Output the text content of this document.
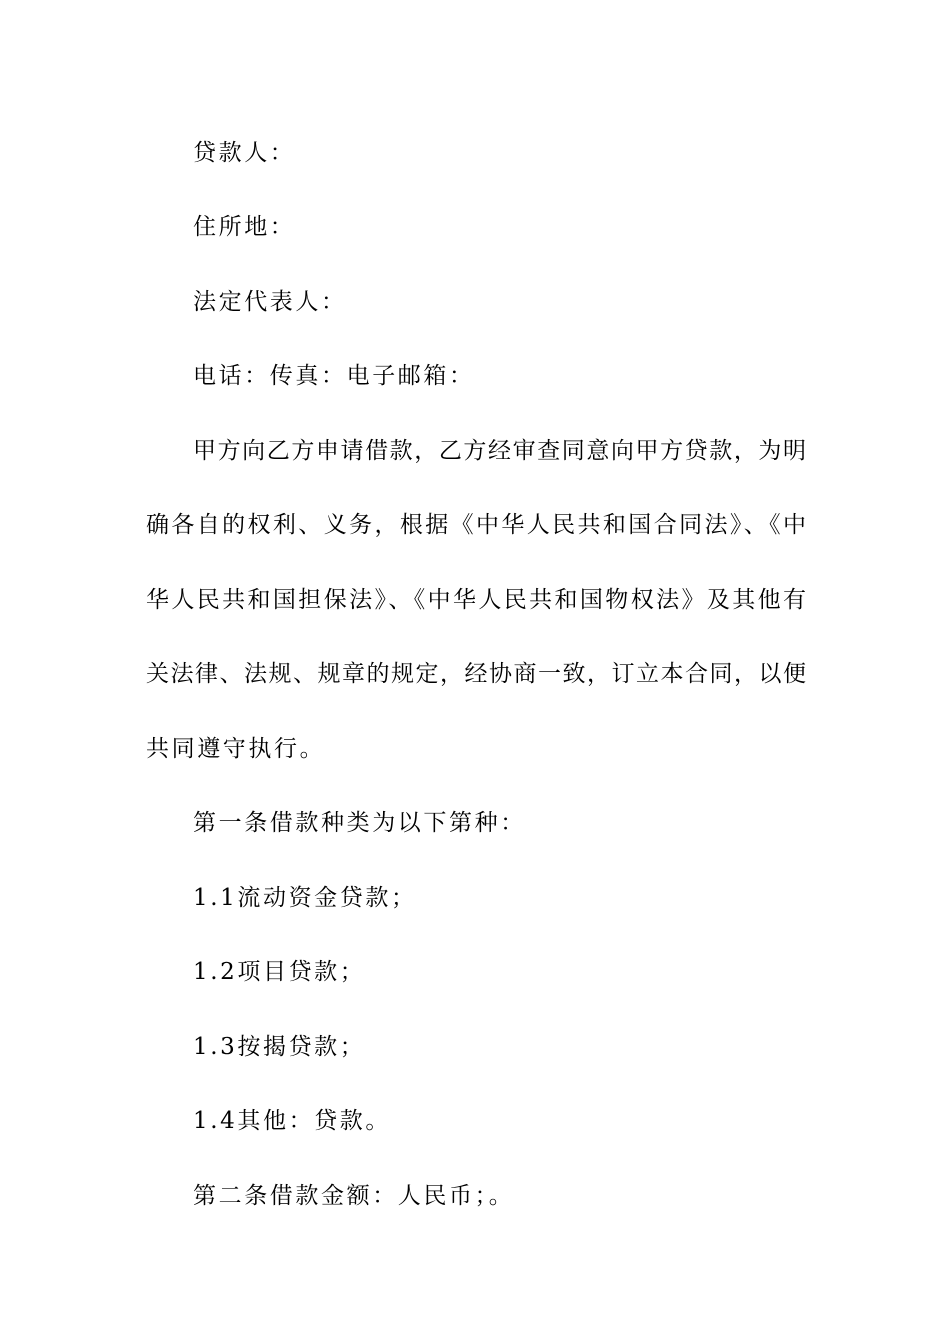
贷款人：

住所地：

法定代表人：

电话：传真：电子邮箱：

甲方向乙方申请借款，乙方经审查同意向甲方贷款，为明

确各自的权利、义务，根据《中华人民共和国合同法》、《中

华人民共和国担保法》、《中华人民共和国物权法》及其他有

关法律、法规、规章的规定，经协商一致，订立本合同，以便

共同遵守执行。

第一条借款种类为以下第种：

1.1流动资金贷款；

1.2项目贷款；

1.3按揭贷款；

1.4其他：贷款。

第二条借款金额：人民币；。
